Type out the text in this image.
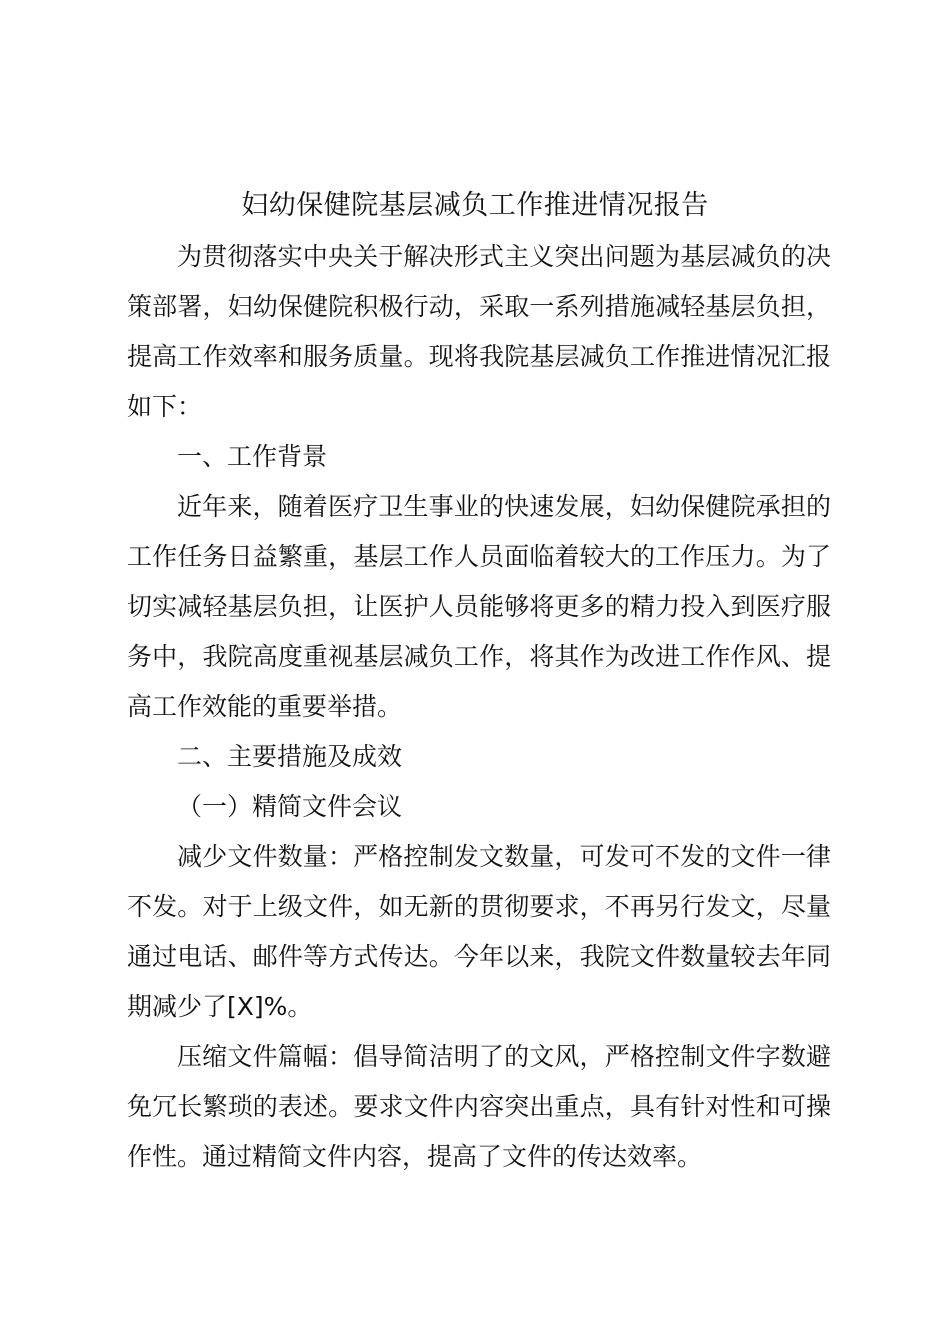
妇幼保健院基层减负工作推进情况报告

为贯彻落实中央关于解决形式主义突出问题为基层减负的决策部署，妇幼保健院积极行动，采取一系列措施减轻基层负担，提高工作效率和服务质量。现将我院基层减负工作推进情况汇报如下：

一、工作背景

近年来，随着医疗卫生事业的快速发展，妇幼保健院承担的工作任务日益繁重，基层工作人员面临着较大的工作压力。为了切实减轻基层负担，让医护人员能够将更多的精力投入到医疗服务中，我院高度重视基层减负工作，将其作为改进工作作风、提高工作效能的重要举措。

二、主要措施及成效

（一）精简文件会议

减少文件数量：严格控制发文数量，可发可不发的文件一律不发。对于上级文件，如无新的贯彻要求，不再另行发文，尽量通过电话、邮件等方式传达。今年以来，我院文件数量较去年同期减少了[X]%。

压缩文件篇幅：倡导简洁明了的文风，严格控制文件字数避免冗长繁琐的表述。要求文件内容突出重点，具有针对性和可操作性。通过精简文件内容，提高了文件的传达效率。
